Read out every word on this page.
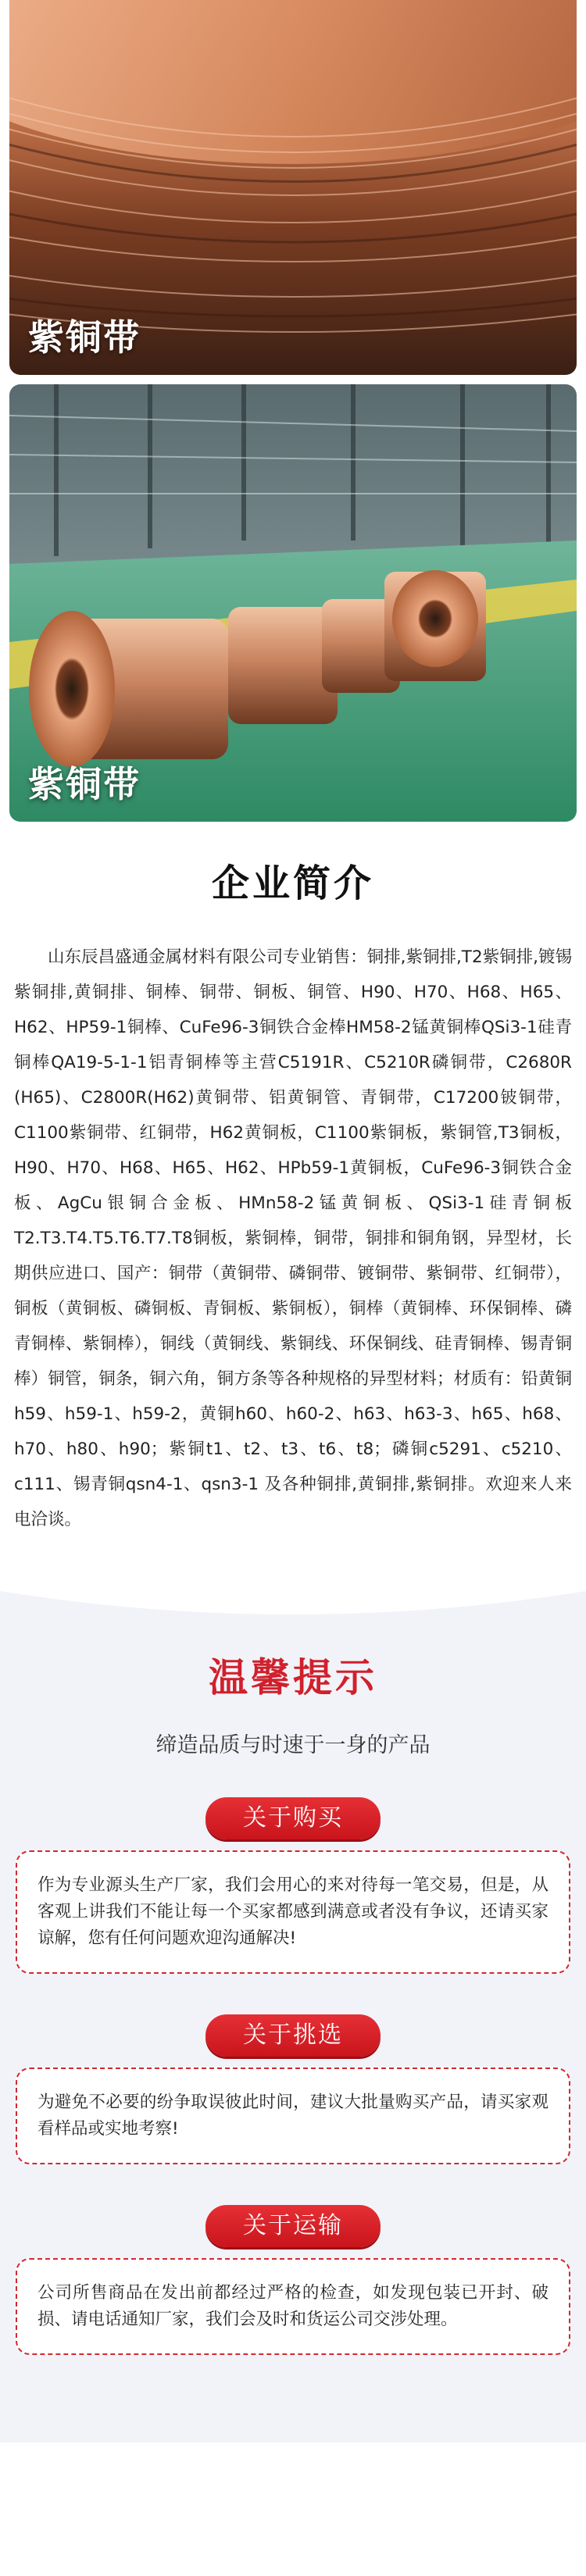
紫铜带
紫铜带
企业简介

山东辰昌盛通金属材料有限公司专业销售：铜排,紫铜排,T2紫铜排,镀锡紫铜排,黄铜排、铜棒、铜带、铜板、铜管、H90、H70、H68、H65、H62、HP59-1铜棒、CuFe96-3铜铁合金棒HM58-2锰黄铜棒QSi3-1硅青铜棒QA19-5-1-1铝青铜棒等主营C5191R、C5210R磷铜带，C2680R (H65)、C2800R(H62)黄铜带、铝黄铜管、青铜带，C17200铍铜带，C1100紫铜带、红铜带，H62黄铜板，C1100紫铜板，紫铜管,T3铜板，H90、H70、H68、H65、H62、HPb59-1黄铜板，CuFe96-3铜铁合金板、AgCu银铜合金板、HMn58-2锰黄铜板、QSi3-1硅青铜板T2.T3.T4.T5.T6.T7.T8铜板，紫铜棒，铜带，铜排和铜角钢，异型材，长期供应进口、国产：铜带（黄铜带、磷铜带、镀铜带、紫铜带、红铜带），铜板（黄铜板、磷铜板、青铜板、紫铜板），铜棒（黄铜棒、环保铜棒、磷青铜棒、紫铜棒），铜线（黄铜线、紫铜线、环保铜线、硅青铜棒、锡青铜棒）铜管，铜条，铜六角，铜方条等各种规格的异型材料；材质有：铅黄铜h59、h59-1、h59-2，黄铜h60、h60-2、h63、h63-3、h65、h68、h70、h80、h90；紫铜t1、t2、t3、t6、t8；磷铜c5291、c5210、c111、锡青铜qsn4-1、qsn3-1 及各种铜排,黄铜排,紫铜排。欢迎来人来电洽谈。

温馨提示
缔造品质与时速于一身的产品
关于购买
作为专业源头生产厂家，我们会用心的来对待每一笔交易，但是，从客观上讲我们不能让每一个买家都感到满意或者没有争议，还请买家谅解，您有任何问题欢迎沟通解决!
关于挑选
为避免不必要的纷争取误彼此时间，建议大批量购买产品，请买家观看样品或实地考察!
关于运输
公司所售商品在发出前都经过严格的检查，如发现包装已开封、破损、请电话通知厂家，我们会及时和货运公司交涉处理。
